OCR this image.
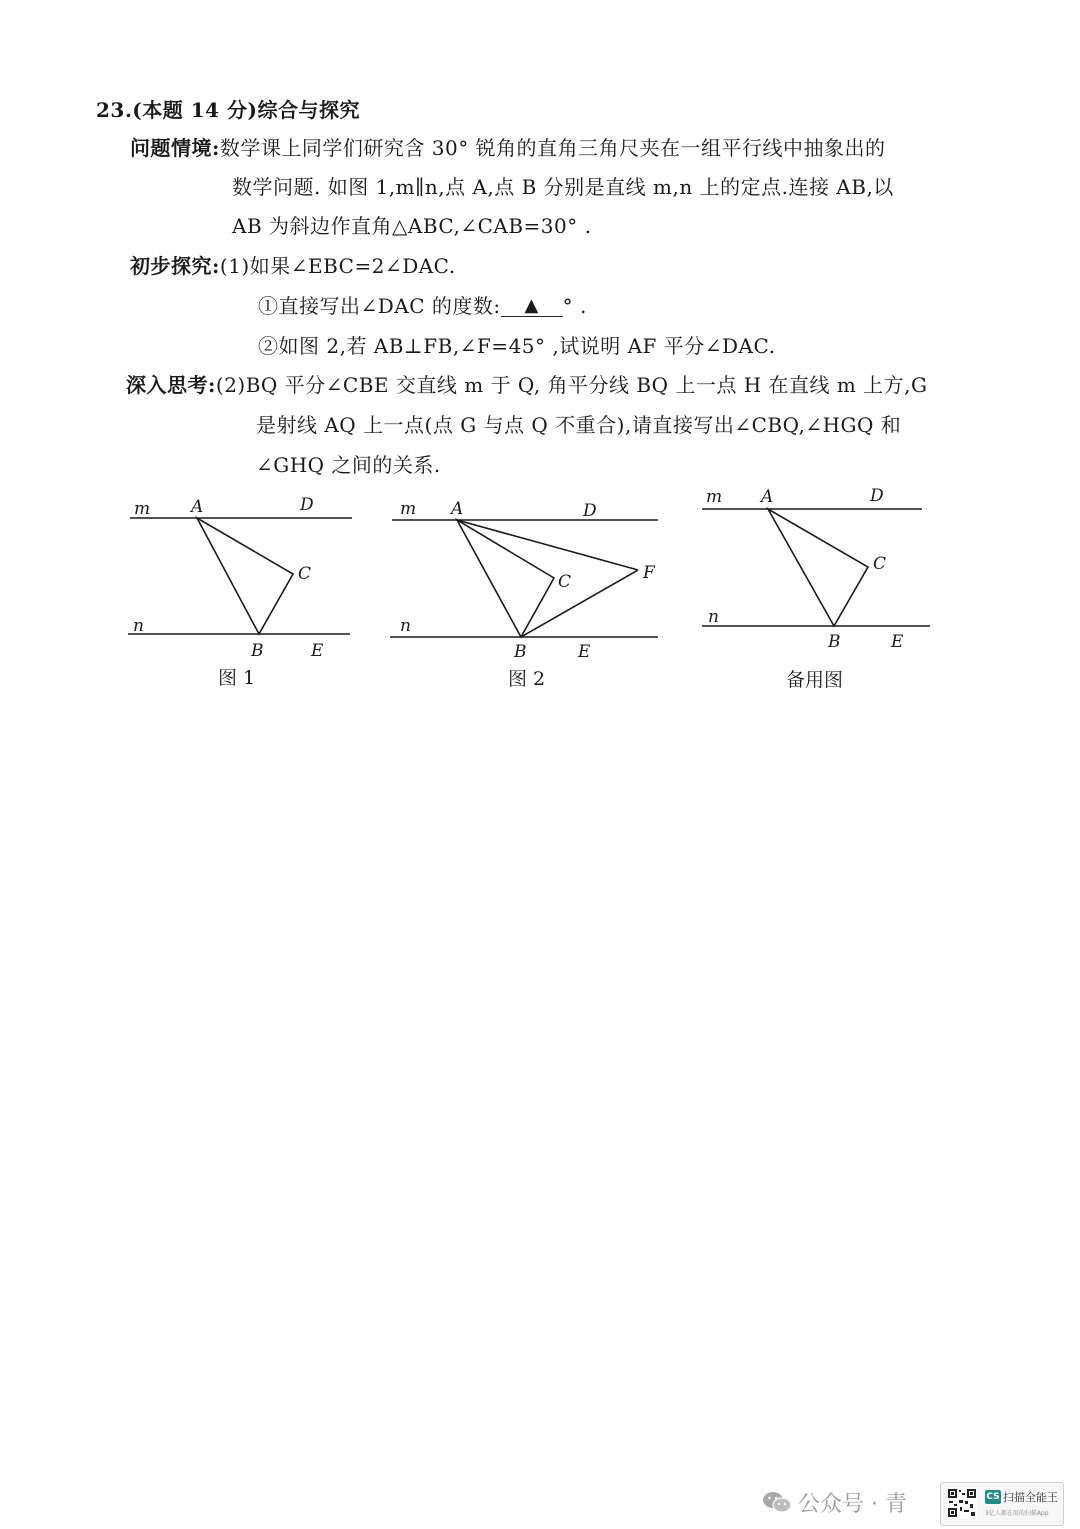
23.(本题 14 分)综合与探究
问题情境:数学课上同学们研究含 30° 锐角的直角三角尺夹在一组平行线中抽象出的
数学问题. 如图 1,m∥n,点 A,点 B 分别是直线 m,n 上的定点.连接 AB,以
AB 为斜边作直角△ABC,∠CAB=30° .
初步探究:(1)如果∠EBC=2∠DAC.
①直接写出∠DAC 的度数: ▲ ° .
②如图 2,若 AB⊥FB,∠F=45° ,试说明 AF 平分∠DAC.
深入思考:(2)BQ 平分∠CBE 交直线 m 于 Q, 角平分线 BQ 上一点 H 在直线 m 上方,G
是射线 AQ 上一点(点 G 与点 Q 不重合),请直接写出∠CBQ,∠HGQ 和
∠GHQ 之间的关系.
m A	D
C
n
B	E
m A	D
C	F
n
B	E
m A	D
C
n
B	E
图 1	图 2	备用图
公众号 · 青	CS 扫描全能王
3亿人都在用的扫描App
